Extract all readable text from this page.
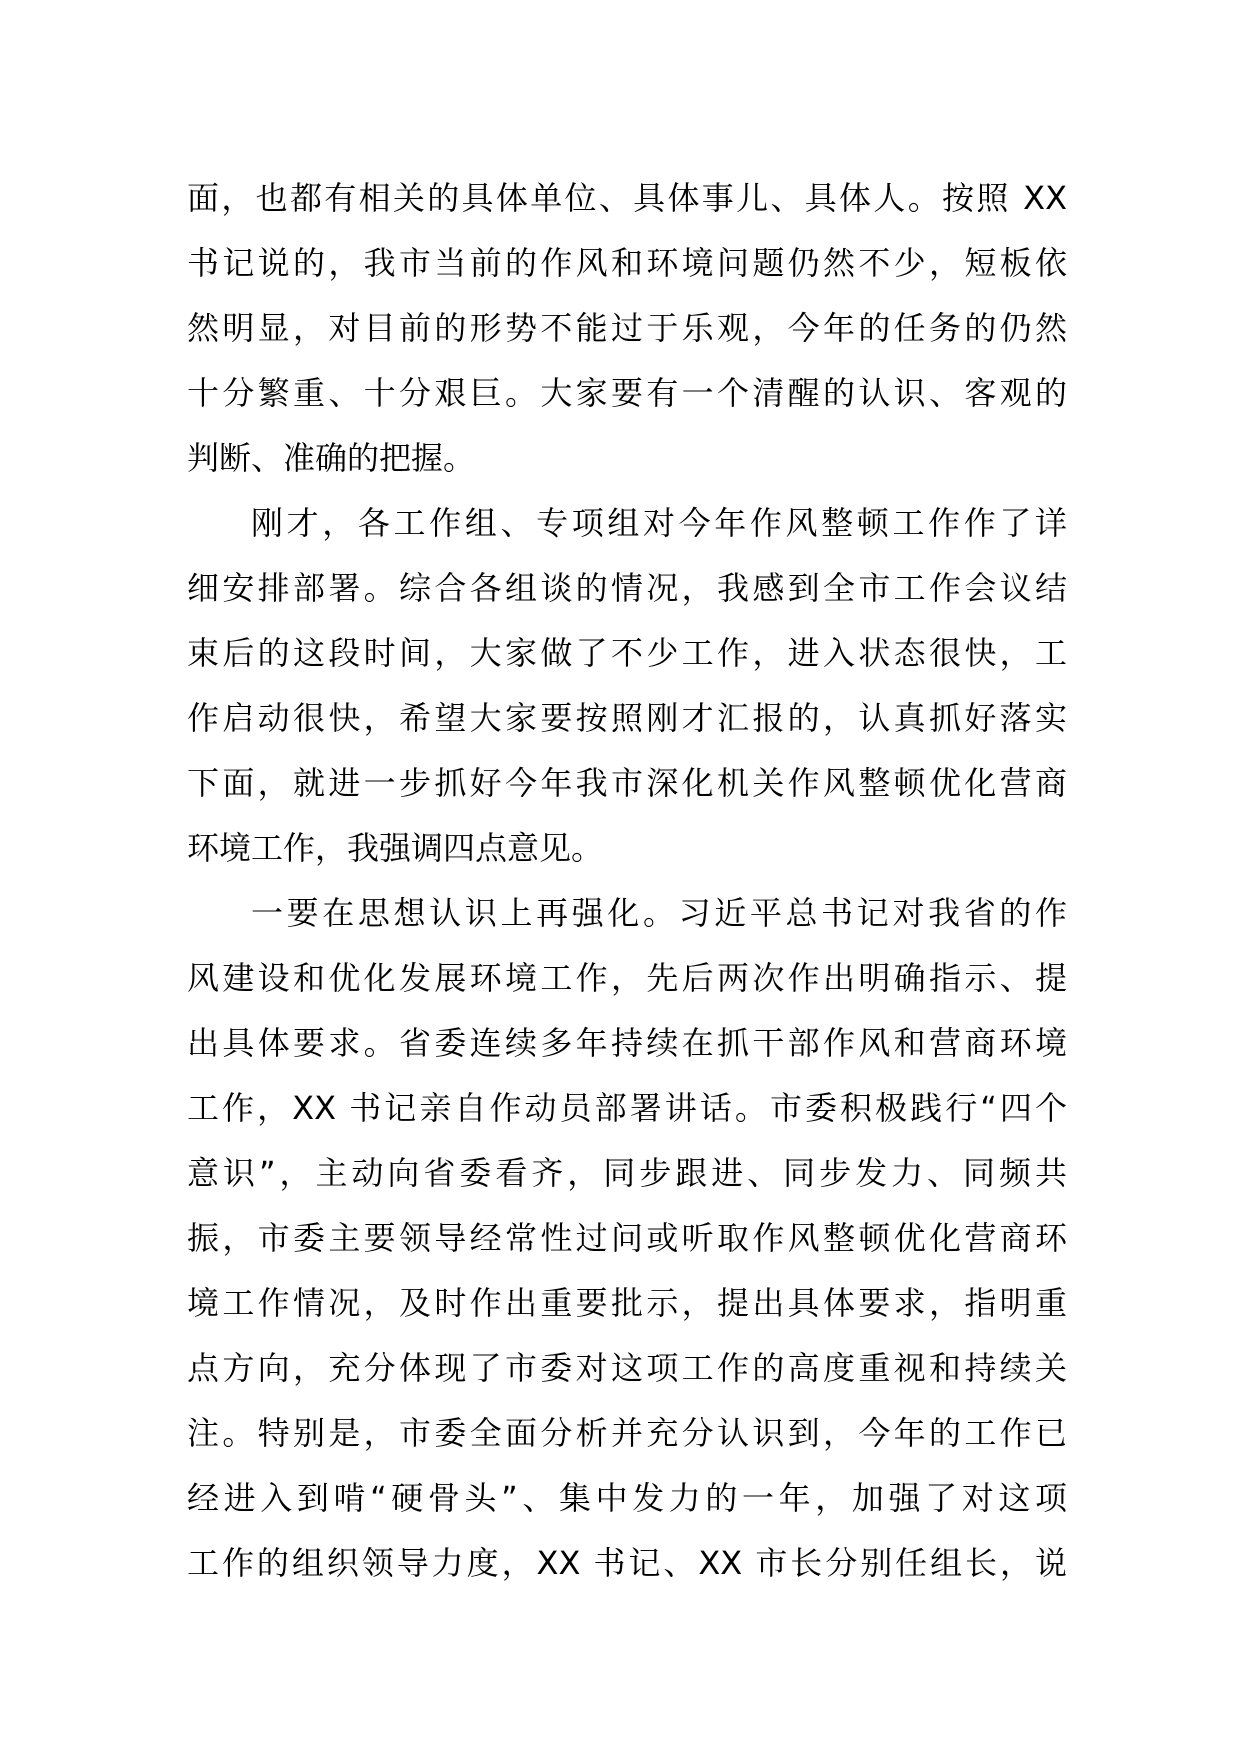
面，也都有相关的具体单位、具体事儿、具体人。按照 XX
书记说的，我市当前的作风和环境问题仍然不少，短板依
然明显，对目前的形势不能过于乐观，今年的任务的仍然
十分繁重、十分艰巨。大家要有一个清醒的认识、客观的
判断、准确的把握。
刚才，各工作组、专项组对今年作风整顿工作作了详
细安排部署。综合各组谈的情况，我感到全市工作会议结
束后的这段时间，大家做了不少工作，进入状态很快，工
作启动很快，希望大家要按照刚才汇报的，认真抓好落实
下面，就进一步抓好今年我市深化机关作风整顿优化营商
环境工作，我强调四点意见。
一要在思想认识上再强化。习近平总书记对我省的作
风建设和优化发展环境工作，先后两次作出明确指示、提
出具体要求。省委连续多年持续在抓干部作风和营商环境
工作，XX 书记亲自作动员部署讲话。市委积极践行“四个
意识”，主动向省委看齐，同步跟进、同步发力、同频共
振，市委主要领导经常性过问或听取作风整顿优化营商环
境工作情况，及时作出重要批示，提出具体要求，指明重
点方向，充分体现了市委对这项工作的高度重视和持续关
注。特别是，市委全面分析并充分认识到，今年的工作已
经进入到啃“硬骨头”、集中发力的一年，加强了对这项
工作的组织领导力度，XX 书记、XX 市长分别任组长，说
